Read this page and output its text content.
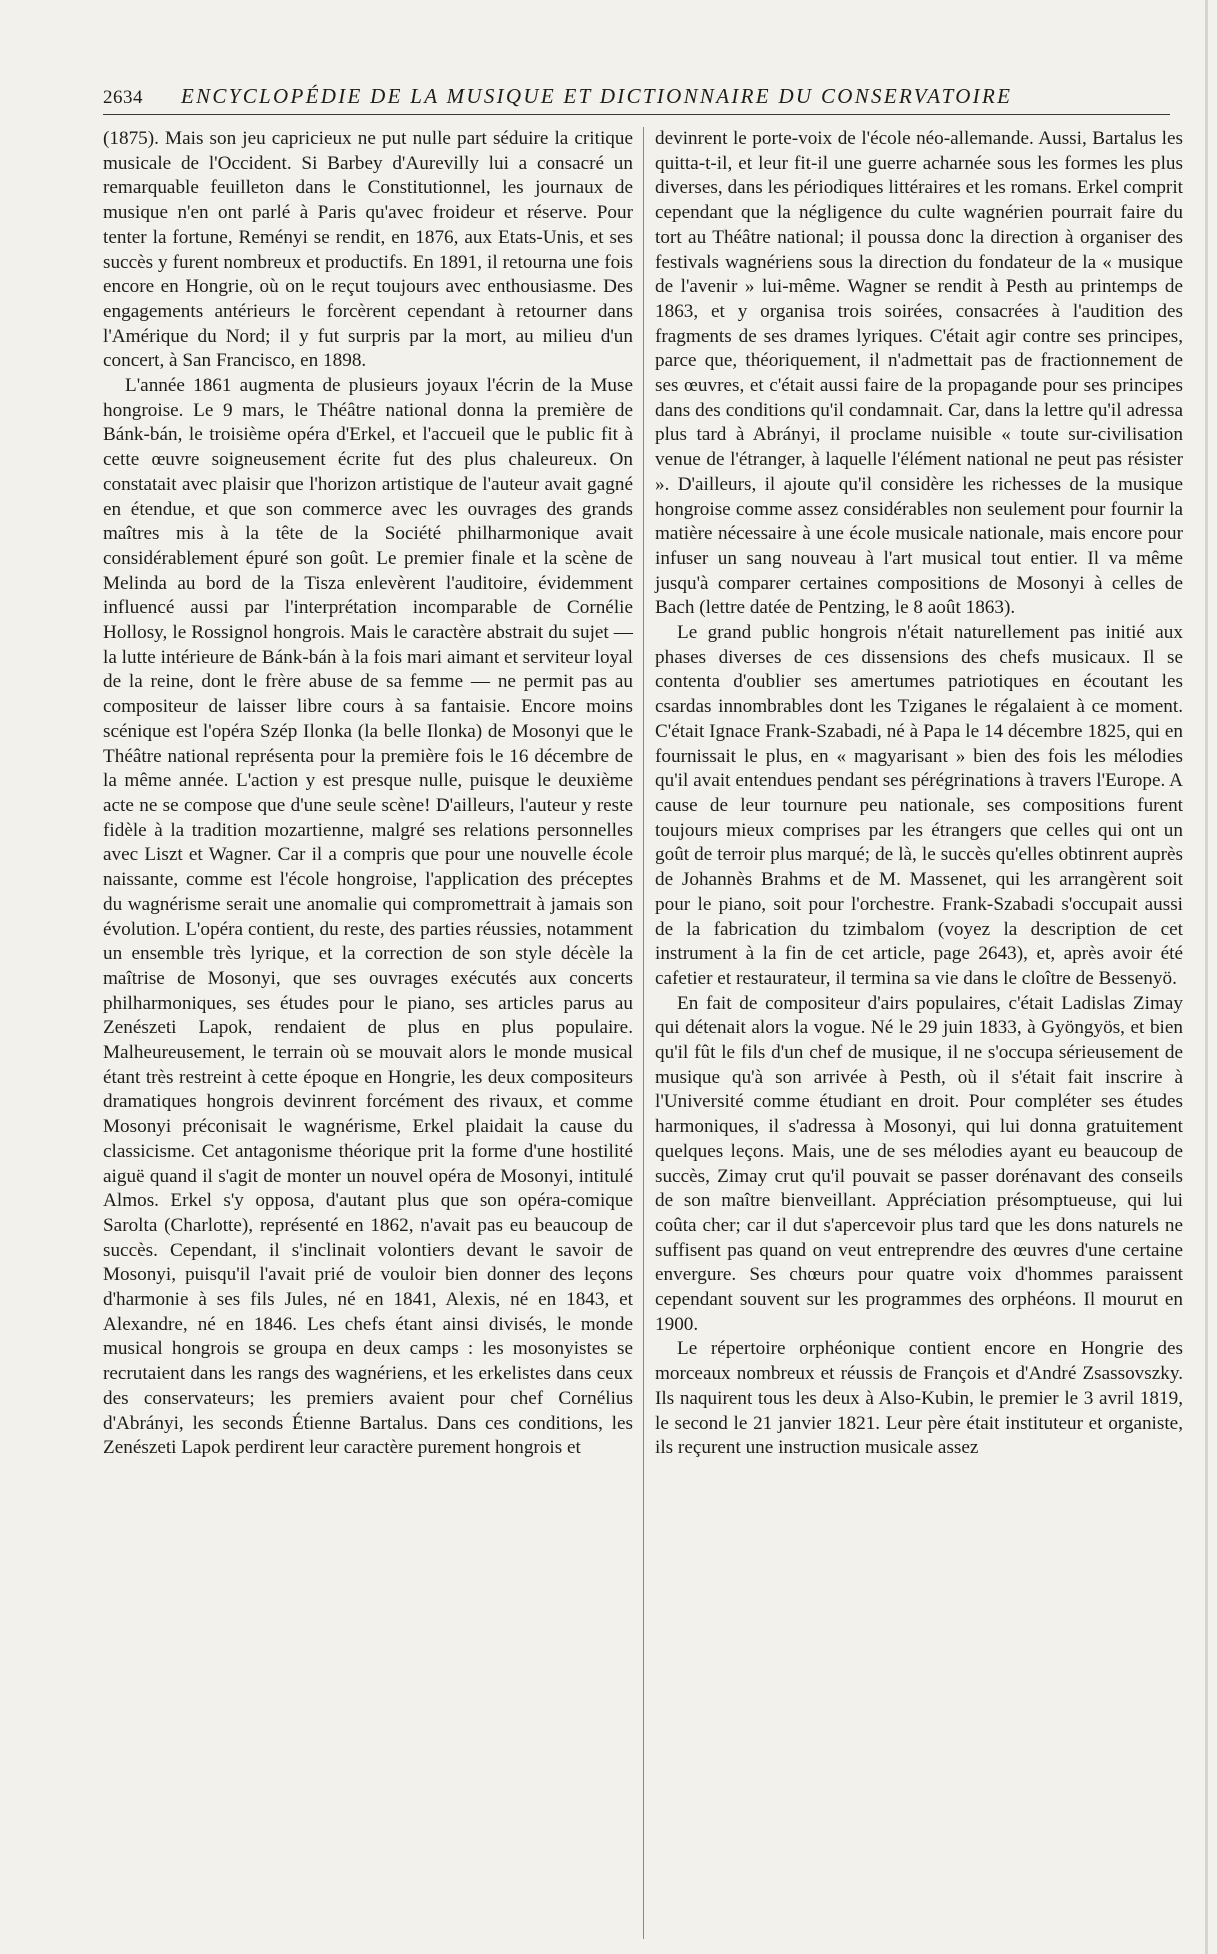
2634 ENCYCLOPÉDIE DE LA MUSIQUE ET DICTIONNAIRE DU CONSERVATOIRE

(1875). Mais son jeu capricieux ne put nulle part séduire la critique musicale de l'Occident. Si Barbey d'Aurevilly lui a consacré un remarquable feuilleton dans le Constitutionnel, les journaux de musique n'en ont parlé à Paris qu'avec froideur et réserve. Pour tenter la fortune, Reményi se rendit, en 1876, aux Etats-Unis, et ses succès y furent nombreux et productifs. En 1891, il retourna une fois encore en Hongrie, où on le reçut toujours avec enthousiasme. Des engagements antérieurs le forcèrent cependant à retourner dans l'Amérique du Nord; il y fut surpris par la mort, au milieu d'un concert, à San Francisco, en 1898.

L'année 1861 augmenta de plusieurs joyaux l'écrin de la Muse hongroise. Le 9 mars, le Théâtre national donna la première de Bánk-bán, le troisième opéra d'Erkel, et l'accueil que le public fit à cette œuvre soigneusement écrite fut des plus chaleureux. On constatait avec plaisir que l'horizon artistique de l'auteur avait gagné en étendue, et que son commerce avec les ouvrages des grands maîtres mis à la tête de la Société philharmonique avait considérablement épuré son goût. Le premier finale et la scène de Melinda au bord de la Tisza enlevèrent l'auditoire, évidemment influencé aussi par l'interprétation incomparable de Cornélie Hollosy, le Rossignol hongrois. Mais le caractère abstrait du sujet — la lutte intérieure de Bánk-bán à la fois mari aimant et serviteur loyal de la reine, dont le frère abuse de sa femme — ne permit pas au compositeur de laisser libre cours à sa fantaisie. Encore moins scénique est l'opéra Szép Ilonka (la belle Ilonka) de Mosonyi que le Théâtre national représenta pour la première fois le 16 décembre de la même année. L'action y est presque nulle, puisque le deuxième acte ne se compose que d'une seule scène! D'ailleurs, l'auteur y reste fidèle à la tradition mozartienne, malgré ses relations personnelles avec Liszt et Wagner. Car il a compris que pour une nouvelle école naissante, comme est l'école hongroise, l'application des préceptes du wagnérisme serait une anomalie qui compromettrait à jamais son évolution. L'opéra contient, du reste, des parties réussies, notamment un ensemble très lyrique, et la correction de son style décèle la maîtrise de Mosonyi, que ses ouvrages exécutés aux concerts philharmoniques, ses études pour le piano, ses articles parus au Zenészeti Lapok, rendaient de plus en plus populaire. Malheureusement, le terrain où se mouvait alors le monde musical étant très restreint à cette époque en Hongrie, les deux compositeurs dramatiques hongrois devinrent forcément des rivaux, et comme Mosonyi préconisait le wagnérisme, Erkel plaidait la cause du classicisme. Cet antagonisme théorique prit la forme d'une hostilité aiguë quand il s'agit de monter un nouvel opéra de Mosonyi, intitulé Almos. Erkel s'y opposa, d'autant plus que son opéra-comique Sarolta (Charlotte), représenté en 1862, n'avait pas eu beaucoup de succès. Cependant, il s'inclinait volontiers devant le savoir de Mosonyi, puisqu'il l'avait prié de vouloir bien donner des leçons d'harmonie à ses fils Jules, né en 1841, Alexis, né en 1843, et Alexandre, né en 1846. Les chefs étant ainsi divisés, le monde musical hongrois se groupa en deux camps : les mosonyistes se recrutaient dans les rangs des wagnériens, et les erkelistes dans ceux des conservateurs; les premiers avaient pour chef Cornélius d'Abrányi, les seconds Étienne Bartalus. Dans ces conditions, les Zenészeti Lapok perdirent leur caractère purement hongrois et

devinrent le porte-voix de l'école néo-allemande. Aussi, Bartalus les quitta-t-il, et leur fit-il une guerre acharnée sous les formes les plus diverses, dans les périodiques littéraires et les romans. Erkel comprit cependant que la négligence du culte wagnérien pourrait faire du tort au Théâtre national; il poussa donc la direction à organiser des festivals wagnériens sous la direction du fondateur de la « musique de l'avenir » lui-même. Wagner se rendit à Pesth au printemps de 1863, et y organisa trois soirées, consacrées à l'audition des fragments de ses drames lyriques. C'était agir contre ses principes, parce que, théoriquement, il n'admettait pas de fractionnement de ses œuvres, et c'était aussi faire de la propagande pour ses principes dans des conditions qu'il condamnait. Car, dans la lettre qu'il adressa plus tard à Abrányi, il proclame nuisible « toute sur-civilisation venue de l'étranger, à laquelle l'élément national ne peut pas résister ». D'ailleurs, il ajoute qu'il considère les richesses de la musique hongroise comme assez considérables non seulement pour fournir la matière nécessaire à une école musicale nationale, mais encore pour infuser un sang nouveau à l'art musical tout entier. Il va même jusqu'à comparer certaines compositions de Mosonyi à celles de Bach (lettre datée de Pentzing, le 8 août 1863).

Le grand public hongrois n'était naturellement pas initié aux phases diverses de ces dissensions des chefs musicaux. Il se contenta d'oublier ses amertumes patriotiques en écoutant les csardas innombrables dont les Tziganes le régalaient à ce moment. C'était Ignace Frank-Szabadi, né à Papa le 14 décembre 1825, qui en fournissait le plus, en « magyarisant » bien des fois les mélodies qu'il avait entendues pendant ses pérégrinations à travers l'Europe. A cause de leur tournure peu nationale, ses compositions furent toujours mieux comprises par les étrangers que celles qui ont un goût de terroir plus marqué; de là, le succès qu'elles obtinrent auprès de Johannès Brahms et de M. Massenet, qui les arrangèrent soit pour le piano, soit pour l'orchestre. Frank-Szabadi s'occupait aussi de la fabrication du tzimbalom (voyez la description de cet instrument à la fin de cet article, page 2643), et, après avoir été cafetier et restaurateur, il termina sa vie dans le cloître de Bessenyö.

En fait de compositeur d'airs populaires, c'était Ladislas Zimay qui détenait alors la vogue. Né le 29 juin 1833, à Gyöngyös, et bien qu'il fût le fils d'un chef de musique, il ne s'occupa sérieusement de musique qu'à son arrivée à Pesth, où il s'était fait inscrire à l'Université comme étudiant en droit. Pour compléter ses études harmoniques, il s'adressa à Mosonyi, qui lui donna gratuitement quelques leçons. Mais, une de ses mélodies ayant eu beaucoup de succès, Zimay crut qu'il pouvait se passer dorénavant des conseils de son maître bienveillant. Appréciation présomptueuse, qui lui coûta cher; car il dut s'apercevoir plus tard que les dons naturels ne suffisent pas quand on veut entreprendre des œuvres d'une certaine envergure. Ses chœurs pour quatre voix d'hommes paraissent cependant souvent sur les programmes des orphéons. Il mourut en 1900.

Le répertoire orphéonique contient encore en Hongrie des morceaux nombreux et réussis de François et d'André Zsassovszky. Ils naquirent tous les deux à Also-Kubin, le premier le 3 avril 1819, le second le 21 janvier 1821. Leur père était instituteur et organiste, ils reçurent une instruction musicale assez
